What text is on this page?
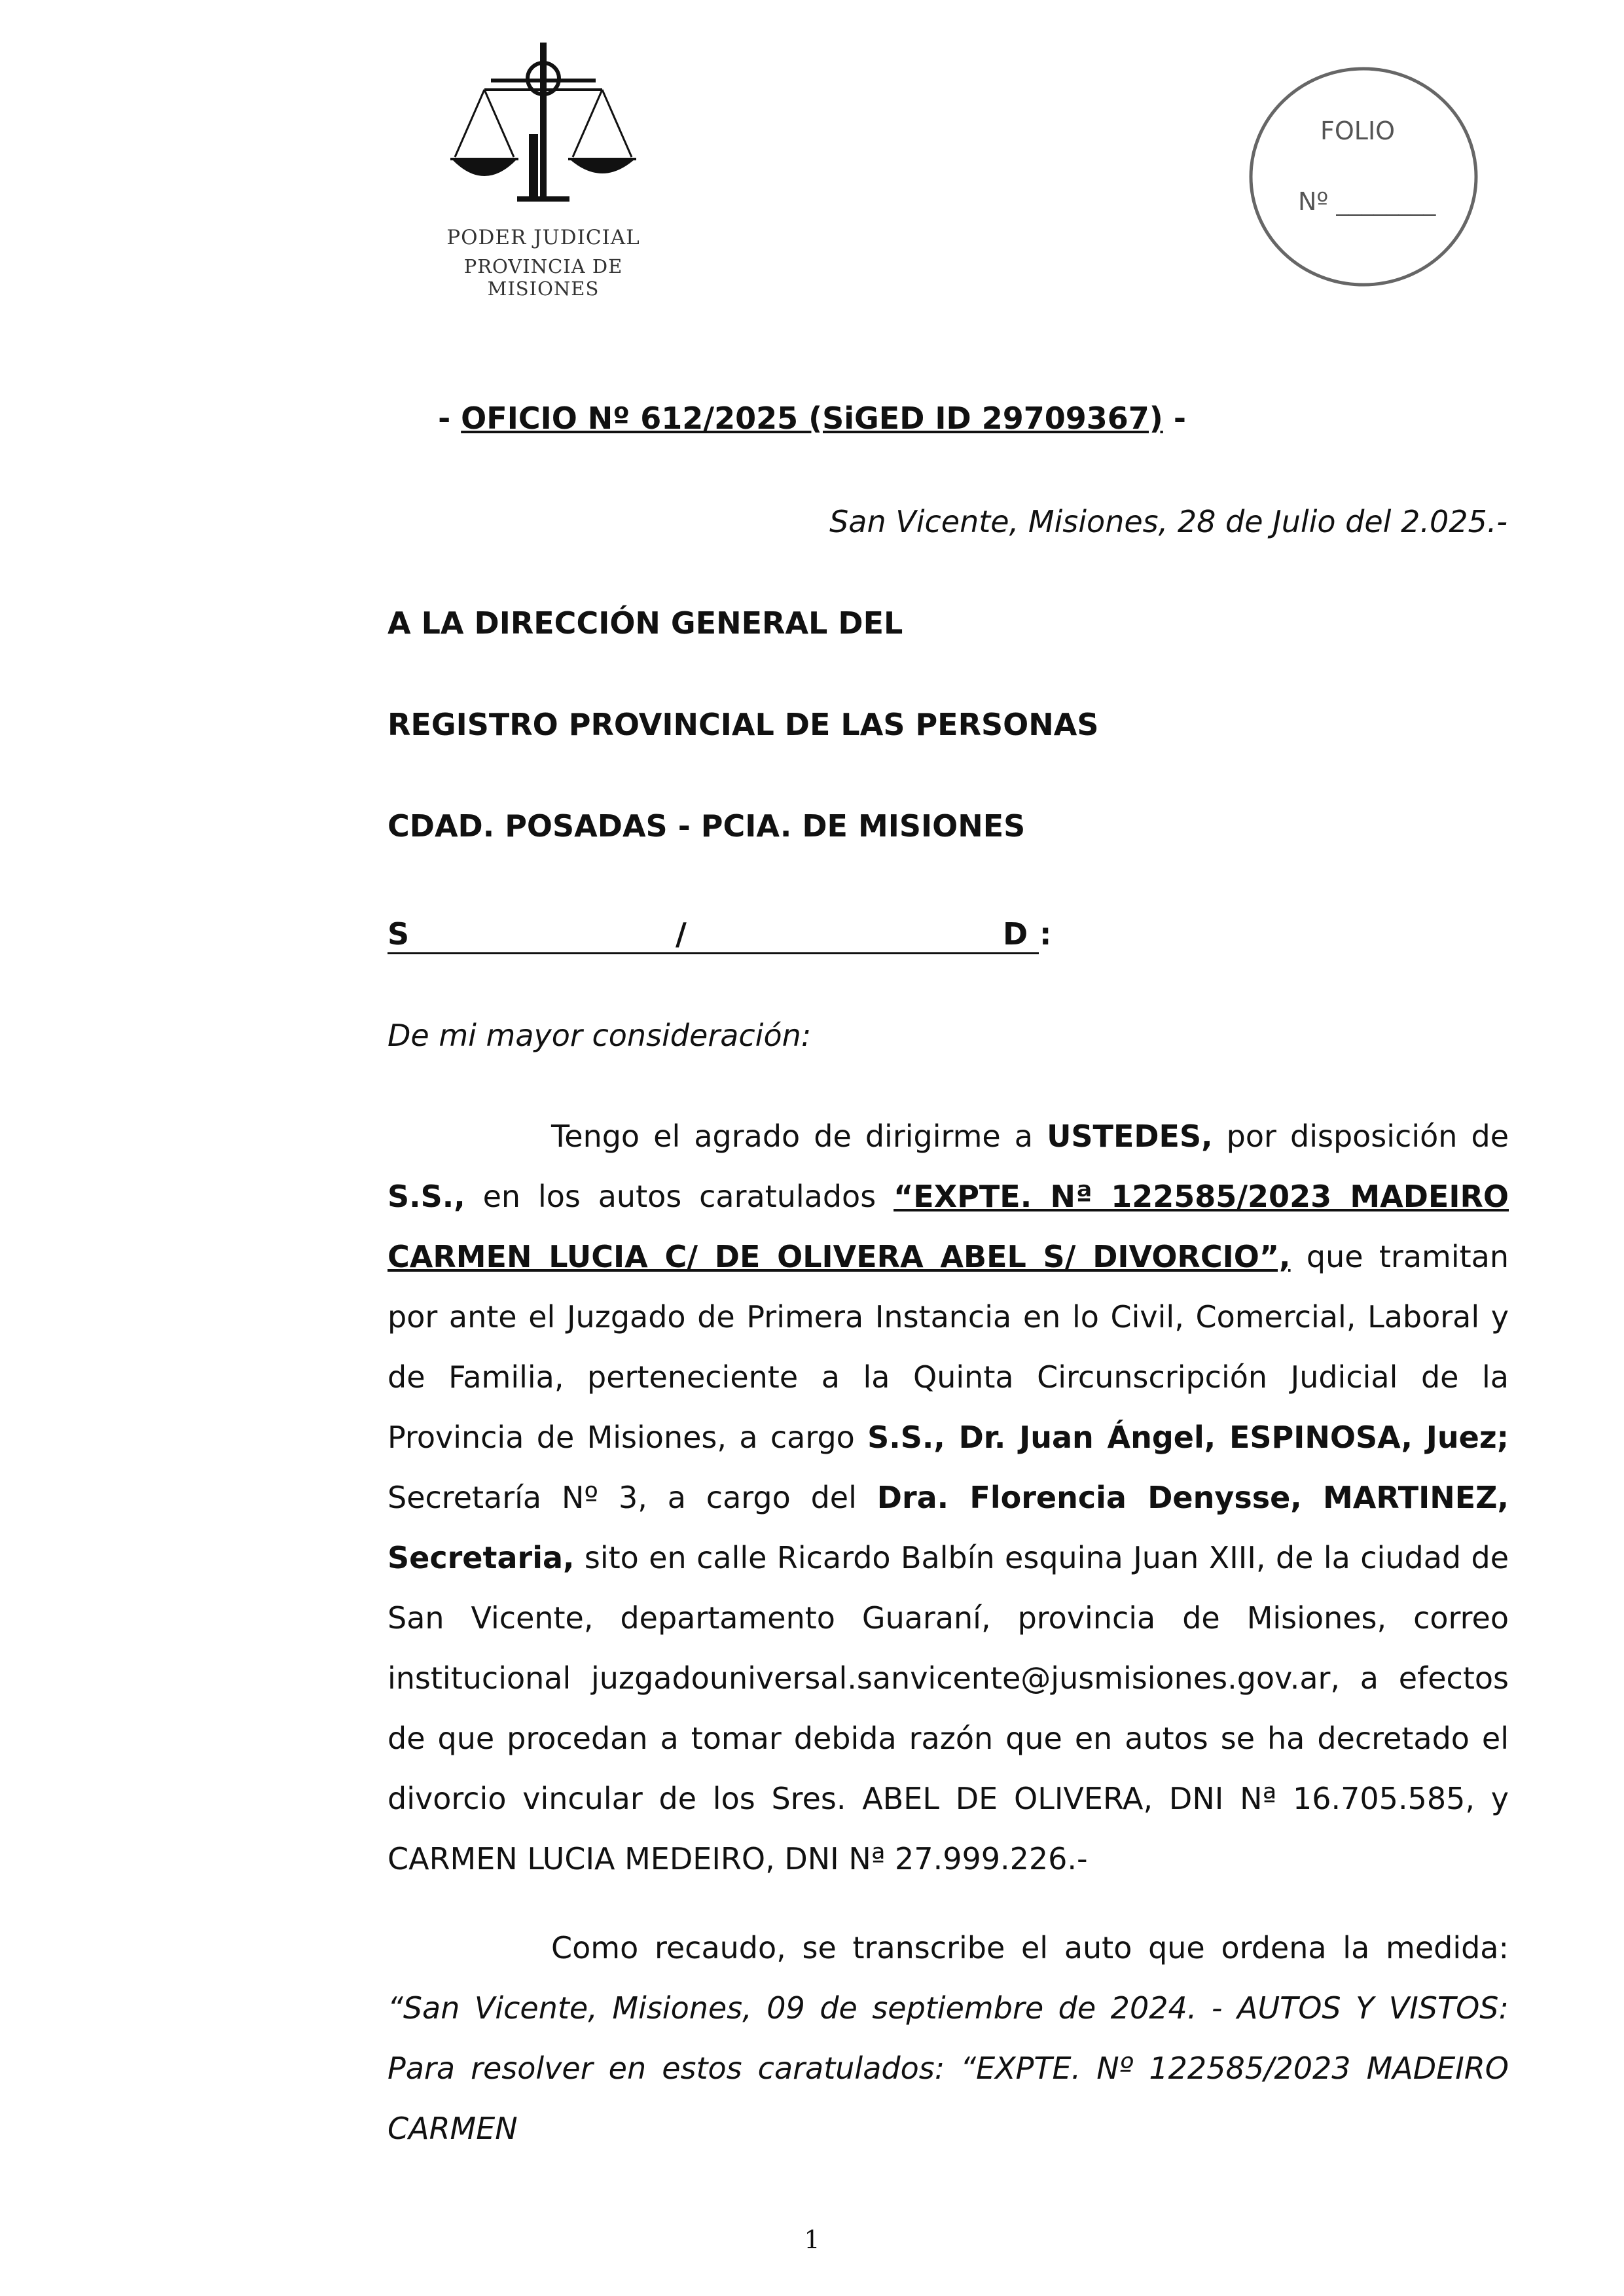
PODER JUDICIAL
PROVINCIA DE MISIONES
FOLIO
Nº ________
- OFICIO Nº 612/2025 (SiGED ID 29709367) -
San Vicente, Misiones, 28 de Julio del 2.025.-
A LA DIRECCIÓN GENERAL DEL
REGISTRO PROVINCIAL DE LAS PERSONAS
CDAD. POSADAS - PCIA. DE MISIONES
S	/	D :
De mi mayor consideración:
Tengo el agrado de dirigirme a USTEDES, por disposición de S.S., en los autos caratulados “EXPTE. Nª 122585/2023 MADEIRO CARMEN LUCIA C/ DE OLIVERA ABEL S/ DIVORCIO”, que tramitan por ante el Juzgado de Primera Instancia en lo Civil, Comercial, Laboral y de Familia, perteneciente a la Quinta Circunscripción Judicial de la Provincia de Misiones, a cargo S.S., Dr. Juan Ángel, ESPINOSA, Juez; Secretaría Nº 3, a cargo del Dra. Florencia Denysse, MARTINEZ, Secretaria, sito en calle Ricardo Balbín esquina Juan XIII, de la ciudad de San Vicente, departamento Guaraní, provincia de Misiones, correo institucional juzgadouniversal.sanvicente@jusmisiones.gov.ar, a efectos de que procedan a tomar debida razón que en autos se ha decretado el divorcio vincular de los Sres. ABEL DE OLIVERA, DNI Nª 16.705.585, y CARMEN LUCIA MEDEIRO, DNI Nª 27.999.226.-
Como recaudo, se transcribe el auto que ordena la medida: “San Vicente, Misiones, 09 de septiembre de 2024. - AUTOS Y VISTOS: Para resolver en estos caratulados: “EXPTE. Nº 122585/2023 MADEIRO CARMEN
1
